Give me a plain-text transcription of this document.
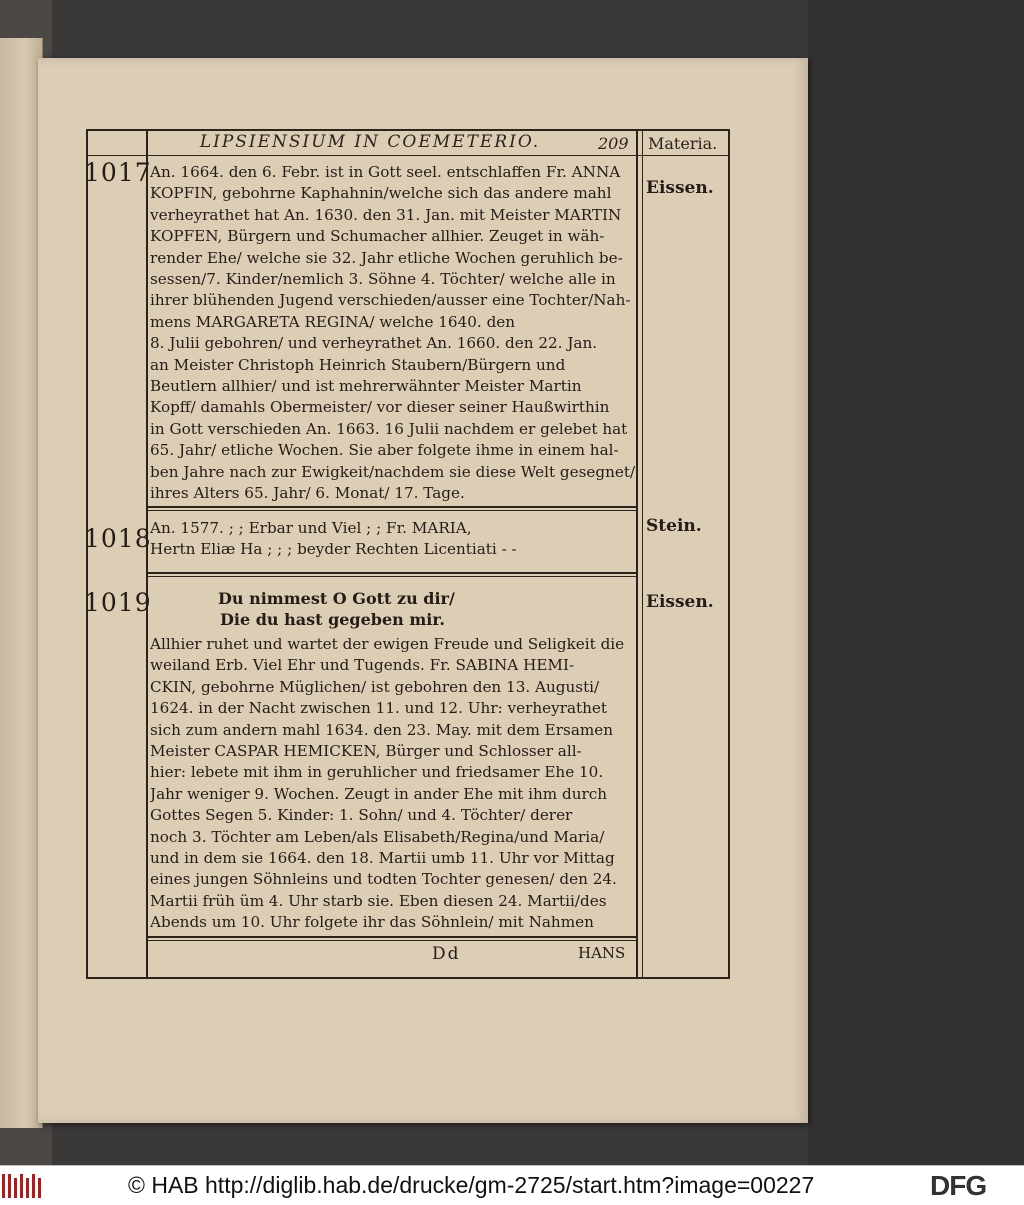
LIPSIENSIUM IN COEMETERIO.	209 Materia.
1017
Eissen.
An. 1664. den 6. Febr. ist in Gott seel. entschlaffen Fr. ANNA
KOPFIN, gebohrne Kaphahnin/welche sich das andere mahl
verheyrathet hat An. 1630. den 31. Jan. mit Meister MARTIN
KOPFEN, Bürgern und Schumacher allhier. Zeuget in wäh-
render Ehe/ welche sie 32. Jahr etliche Wochen geruhlich be-
sessen/7. Kinder/nemlich 3. Söhne 4. Töchter/ welche alle in
ihrer blühenden Jugend verschieden/ausser eine Tochter/Nah-
mens MARGARETA REGINA/ welche 1640. den
8. Julii gebohren/ und verheyrathet An. 1660. den 22. Jan.
an Meister Christoph Heinrich Staubern/Bürgern und
Beutlern allhier/ und ist mehrerwähnter Meister Martin
Kopff/ damahls Obermeister/ vor dieser seiner Haußwirthin
in Gott verschieden An. 1663. 16 Julii nachdem er gelebet hat
65. Jahr/ etliche Wochen. Sie aber folgete ihme in einem hal-
ben Jahre nach zur Ewigkeit/nachdem sie diese Welt gesegnet/
ihres Alters 65. Jahr/ 6. Monat/ 17. Tage.
1018	Stein.
An. 1577. ; ; Erbar und Viel ; ; Fr. MARIA,
Hertn Eliæ Ha ; ; ; beyder Rechten Licentiati - -
1019	Eissen.
Du nimmest O Gott zu dir/
Die du hast gegeben mir.
Allhier ruhet und wartet der ewigen Freude und Seligkeit die
weiland Erb. Viel Ehr und Tugends. Fr. SABINA HEMI-
CKIN, gebohrne Müglichen/ ist gebohren den 13. Augusti/
1624. in der Nacht zwischen 11. und 12. Uhr: verheyrathet
sich zum andern mahl 1634. den 23. May. mit dem Ersamen
Meister CASPAR HEMICKEN, Bürger und Schlosser all-
hier: lebete mit ihm in geruhlicher und friedsamer Ehe 10.
Jahr weniger 9. Wochen. Zeugt in ander Ehe mit ihm durch
Gottes Segen 5. Kinder: 1. Sohn/ und 4. Töchter/ derer
noch 3. Töchter am Leben/als Elisabeth/Regina/und Maria/
und in dem sie 1664. den 18. Martii umb 11. Uhr vor Mittag
eines jungen Söhnleins und todten Tochter genesen/ den 24.
Martii früh üm 4. Uhr starb sie. Eben diesen 24. Martii/des
Abends um 10. Uhr folgete ihr das Söhnlein/ mit Nahmen
Dd	HANS
© HAB http://diglib.hab.de/drucke/gm-2725/start.htm?image=00227	DFG
